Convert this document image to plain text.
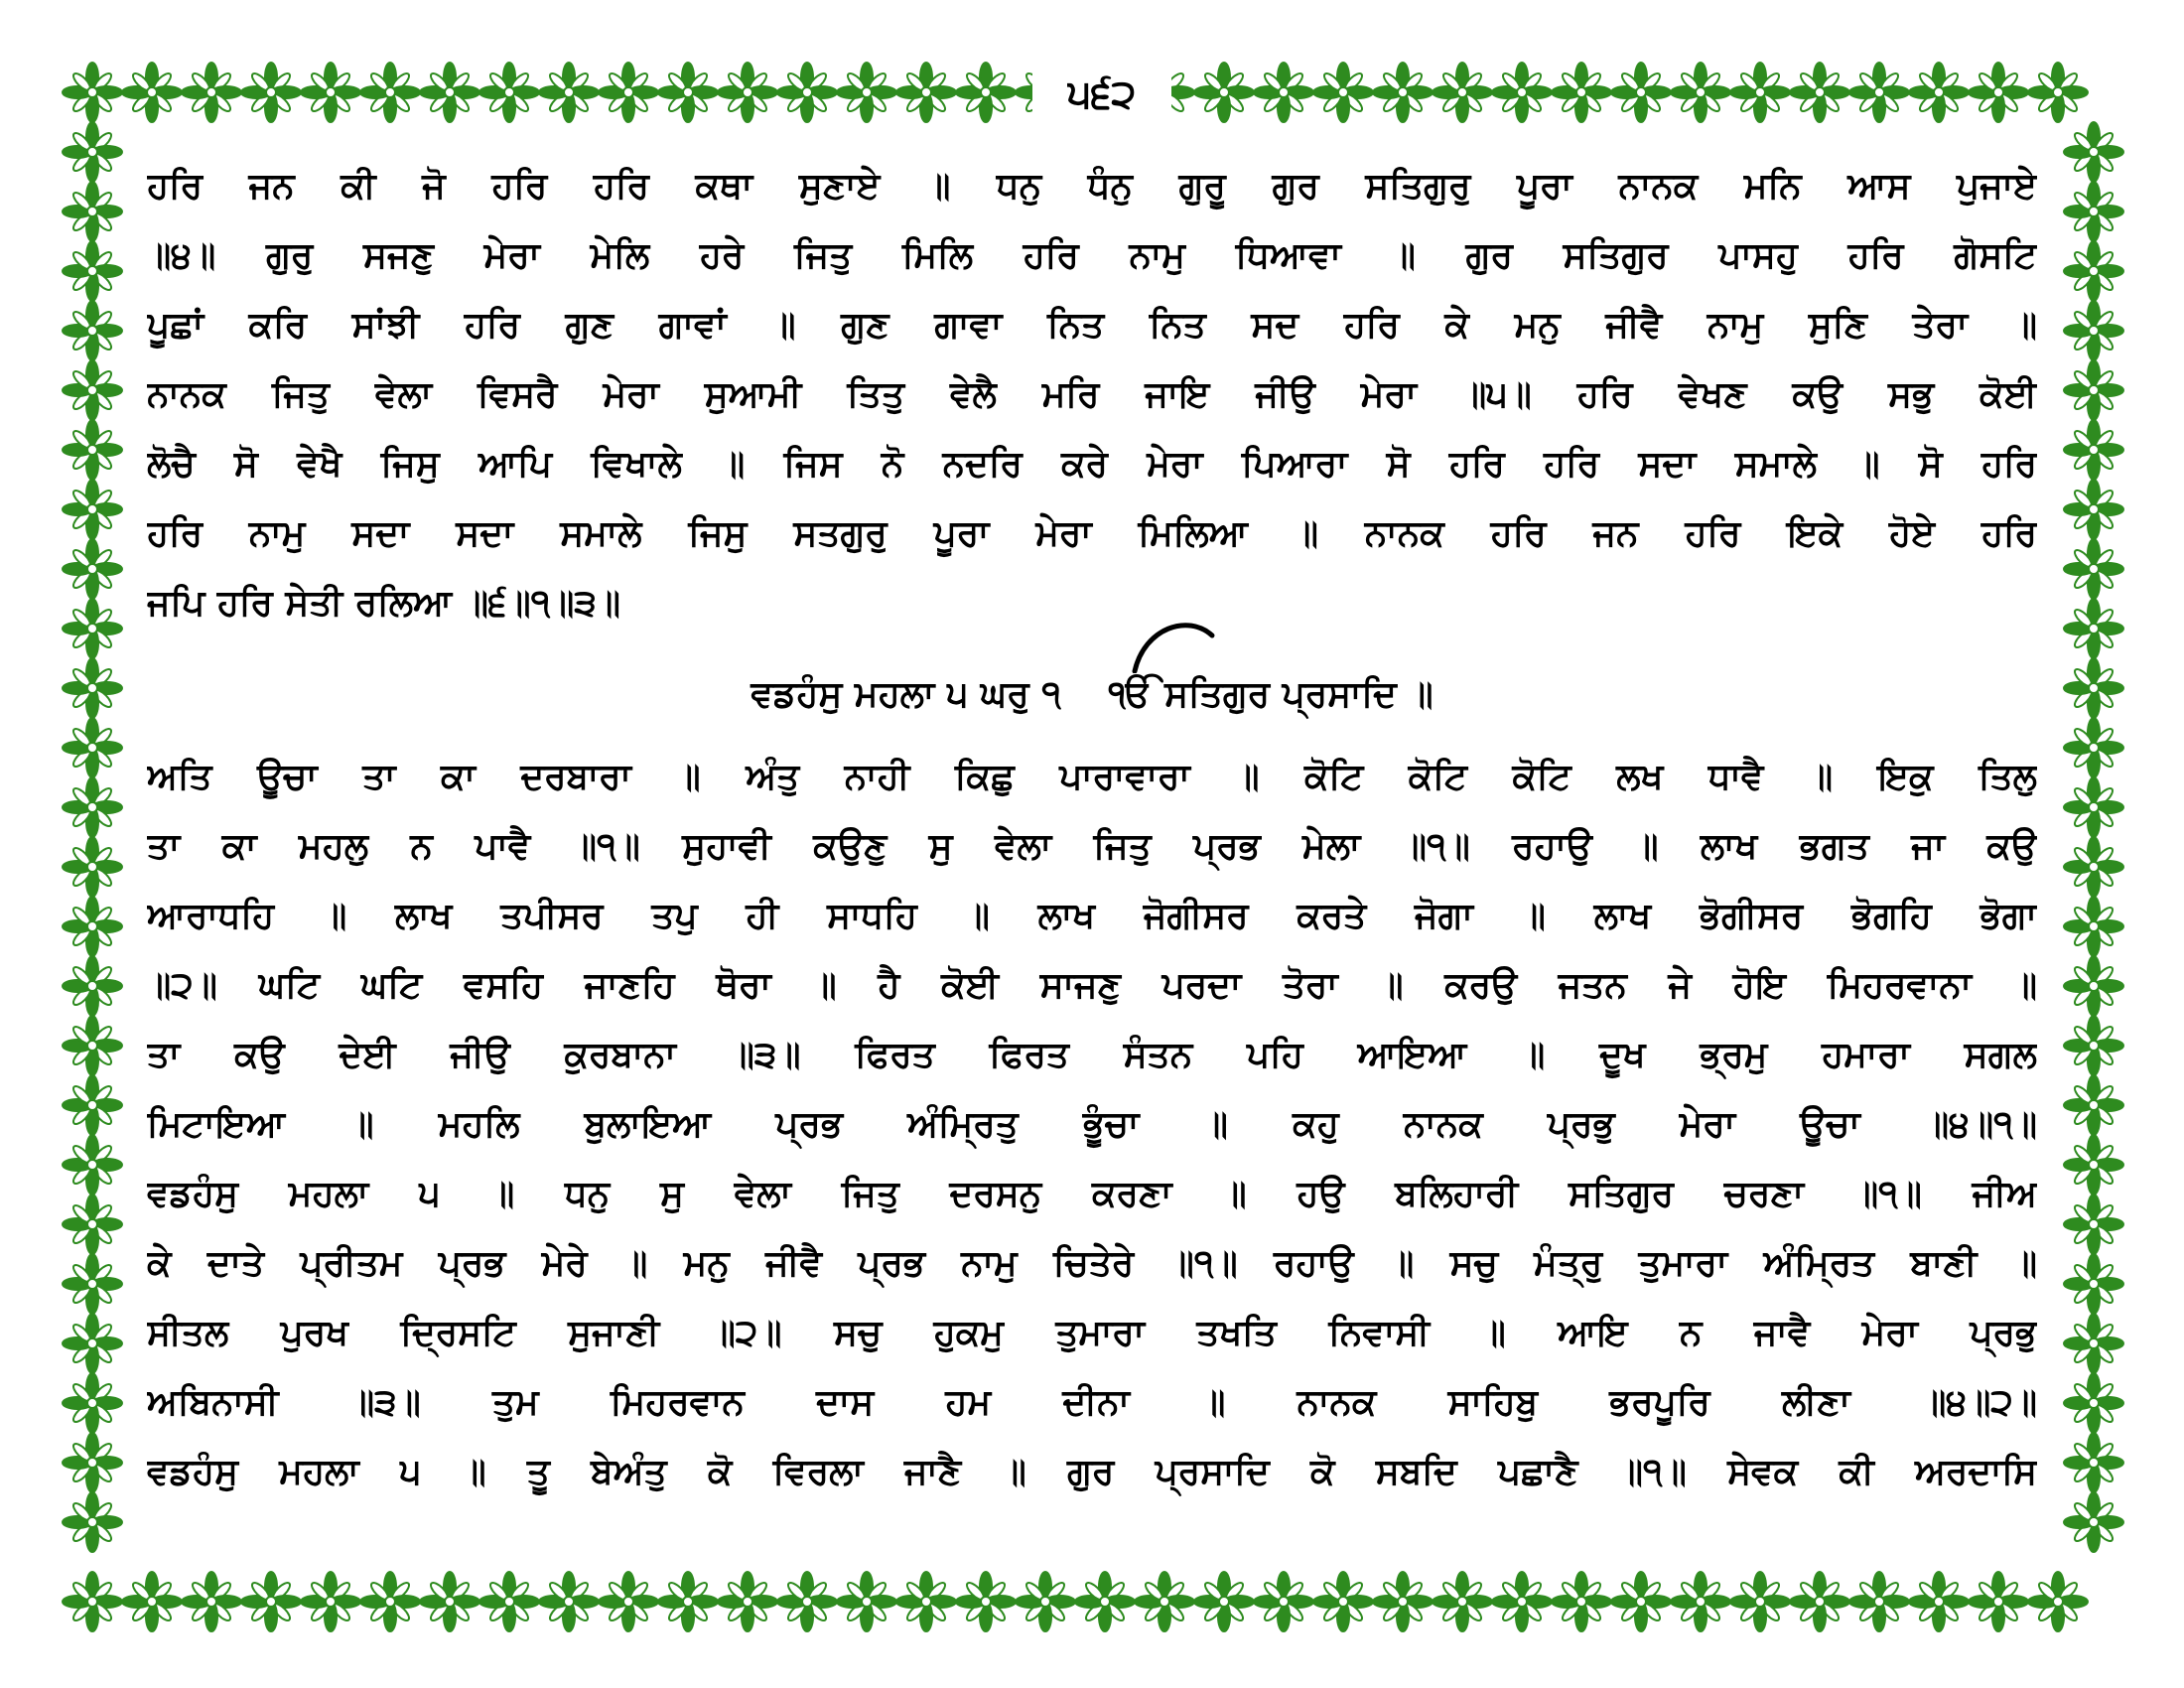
੫੬੨
ਹਰਿ ਜਨ ਕੀ ਜੋ ਹਰਿ ਹਰਿ ਕਥਾ ਸੁਣਾਏ ॥ ਧਨੁ ਧੰਨੁ ਗੁਰੂ ਗੁਰ ਸਤਿਗੁਰੁ ਪੂਰਾ ਨਾਨਕ ਮਨਿ ਆਸ ਪੁਜਾਏ
॥੪॥ ਗੁਰੁ ਸਜਣੁ ਮੇਰਾ ਮੇਲਿ ਹਰੇ ਜਿਤੁ ਮਿਲਿ ਹਰਿ ਨਾਮੁ ਧਿਆਵਾ ॥ ਗੁਰ ਸਤਿਗੁਰ ਪਾਸਹੁ ਹਰਿ ਗੋਸਟਿ
ਪੂਛਾਂ ਕਰਿ ਸਾਂਝੀ ਹਰਿ ਗੁਣ ਗਾਵਾਂ ॥ ਗੁਣ ਗਾਵਾ ਨਿਤ ਨਿਤ ਸਦ ਹਰਿ ਕੇ ਮਨੁ ਜੀਵੈ ਨਾਮੁ ਸੁਣਿ ਤੇਰਾ ॥
ਨਾਨਕ ਜਿਤੁ ਵੇਲਾ ਵਿਸਰੈ ਮੇਰਾ ਸੁਆਮੀ ਤਿਤੁ ਵੇਲੈ ਮਰਿ ਜਾਇ ਜੀਉ ਮੇਰਾ ॥੫॥ ਹਰਿ ਵੇਖਣ ਕਉ ਸਭੁ ਕੋਈ
ਲੋਚੈ ਸੋ ਵੇਖੈ ਜਿਸੁ ਆਪਿ ਵਿਖਾਲੇ ॥ ਜਿਸ ਨੋ ਨਦਰਿ ਕਰੇ ਮੇਰਾ ਪਿਆਰਾ ਸੋ ਹਰਿ ਹਰਿ ਸਦਾ ਸਮਾਲੇ ॥ ਸੋ ਹਰਿ
ਹਰਿ ਨਾਮੁ ਸਦਾ ਸਦਾ ਸਮਾਲੇ ਜਿਸੁ ਸਤਗੁਰੁ ਪੂਰਾ ਮੇਰਾ ਮਿਲਿਆ ॥ ਨਾਨਕ ਹਰਿ ਜਨ ਹਰਿ ਇਕੇ ਹੋਏ ਹਰਿ
ਜਪਿ ਹਰਿ ਸੇਤੀ ਰਲਿਆ ॥੬॥੧॥੩॥
ਵਡਹੰਸੁ ਮਹਲਾ ੫ ਘਰੁ ੧ ੴ ਸਤਿਗੁਰ ਪ੍ਰਸਾਦਿ ॥
ਅਤਿ ਊਚਾ ਤਾ ਕਾ ਦਰਬਾਰਾ ॥ ਅੰਤੁ ਨਾਹੀ ਕਿਛੁ ਪਾਰਾਵਾਰਾ ॥ ਕੋਟਿ ਕੋਟਿ ਕੋਟਿ ਲਖ ਧਾਵੈ ॥ ਇਕੁ ਤਿਲੁ
ਤਾ ਕਾ ਮਹਲੁ ਨ ਪਾਵੈ ॥੧॥ ਸੁਹਾਵੀ ਕਉਣੁ ਸੁ ਵੇਲਾ ਜਿਤੁ ਪ੍ਰਭ ਮੇਲਾ ॥੧॥ ਰਹਾਉ ॥ ਲਾਖ ਭਗਤ ਜਾ ਕਉ
ਆਰਾਧਹਿ ॥ ਲਾਖ ਤਪੀਸਰ ਤਪੁ ਹੀ ਸਾਧਹਿ ॥ ਲਾਖ ਜੋਗੀਸਰ ਕਰਤੇ ਜੋਗਾ ॥ ਲਾਖ ਭੋਗੀਸਰ ਭੋਗਹਿ ਭੋਗਾ
॥੨॥ ਘਟਿ ਘਟਿ ਵਸਹਿ ਜਾਣਹਿ ਥੋਰਾ ॥ ਹੈ ਕੋਈ ਸਾਜਣੁ ਪਰਦਾ ਤੋਰਾ ॥ ਕਰਉ ਜਤਨ ਜੇ ਹੋਇ ਮਿਹਰਵਾਨਾ ॥
ਤਾ ਕਉ ਦੇਈ ਜੀਉ ਕੁਰਬਾਨਾ ॥੩॥ ਫਿਰਤ ਫਿਰਤ ਸੰਤਨ ਪਹਿ ਆਇਆ ॥ ਦੂਖ ਭ੍ਰਮੁ ਹਮਾਰਾ ਸਗਲ
ਮਿਟਾਇਆ ॥ ਮਹਲਿ ਬੁਲਾਇਆ ਪ੍ਰਭ ਅੰਮ੍ਰਿਤੁ ਭੂੰਚਾ ॥ ਕਹੁ ਨਾਨਕ ਪ੍ਰਭੁ ਮੇਰਾ ਊਚਾ ॥੪॥੧॥
ਵਡਹੰਸੁ ਮਹਲਾ ੫ ॥ ਧਨੁ ਸੁ ਵੇਲਾ ਜਿਤੁ ਦਰਸਨੁ ਕਰਣਾ ॥ ਹਉ ਬਲਿਹਾਰੀ ਸਤਿਗੁਰ ਚਰਣਾ ॥੧॥ ਜੀਅ
ਕੇ ਦਾਤੇ ਪ੍ਰੀਤਮ ਪ੍ਰਭ ਮੇਰੇ ॥ ਮਨੁ ਜੀਵੈ ਪ੍ਰਭ ਨਾਮੁ ਚਿਤੇਰੇ ॥੧॥ ਰਹਾਉ ॥ ਸਚੁ ਮੰਤ੍ਰੁ ਤੁਮਾਰਾ ਅੰਮ੍ਰਿਤ ਬਾਣੀ ॥
ਸੀਤਲ ਪੁਰਖ ਦ੍ਰਿਸਟਿ ਸੁਜਾਣੀ ॥੨॥ ਸਚੁ ਹੁਕਮੁ ਤੁਮਾਰਾ ਤਖਤਿ ਨਿਵਾਸੀ ॥ ਆਇ ਨ ਜਾਵੈ ਮੇਰਾ ਪ੍ਰਭੁ
ਅਬਿਨਾਸੀ ॥੩॥ ਤੁਮ ਮਿਹਰਵਾਨ ਦਾਸ ਹਮ ਦੀਨਾ ॥ ਨਾਨਕ ਸਾਹਿਬੁ ਭਰਪੂਰਿ ਲੀਣਾ ॥੪॥੨॥
ਵਡਹੰਸੁ ਮਹਲਾ ੫ ॥ ਤੂ ਬੇਅੰਤੁ ਕੋ ਵਿਰਲਾ ਜਾਣੈ ॥ ਗੁਰ ਪ੍ਰਸਾਦਿ ਕੋ ਸਬਦਿ ਪਛਾਣੈ ॥੧॥ ਸੇਵਕ ਕੀ ਅਰਦਾਸਿ
